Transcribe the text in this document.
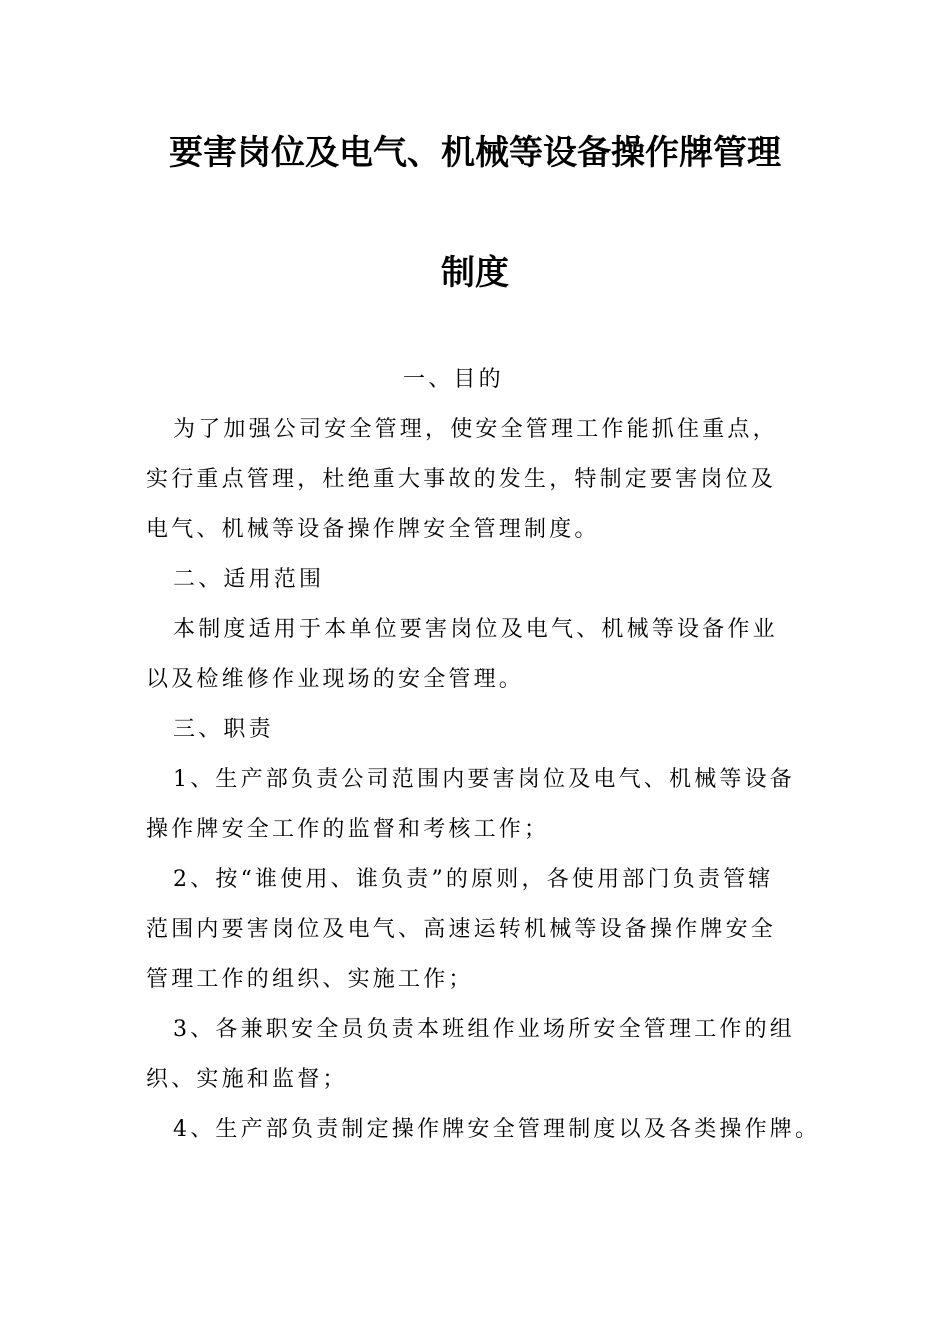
要害岗位及电气、机械等设备操作牌管理
制度
一、目的
为了加强公司安全管理，使安全管理工作能抓住重点，
实行重点管理，杜绝重大事故的发生，特制定要害岗位及
电气、机械等设备操作牌安全管理制度。
二、适用范围
本制度适用于本单位要害岗位及电气、机械等设备作业
以及检维修作业现场的安全管理。
三、职责
1、生产部负责公司范围内要害岗位及电气、机械等设备
操作牌安全工作的监督和考核工作；
2、按“谁使用、谁负责”的原则，各使用部门负责管辖
范围内要害岗位及电气、高速运转机械等设备操作牌安全
管理工作的组织、实施工作；
3、各兼职安全员负责本班组作业场所安全管理工作的组
织、实施和监督；
4、生产部负责制定操作牌安全管理制度以及各类操作牌。
